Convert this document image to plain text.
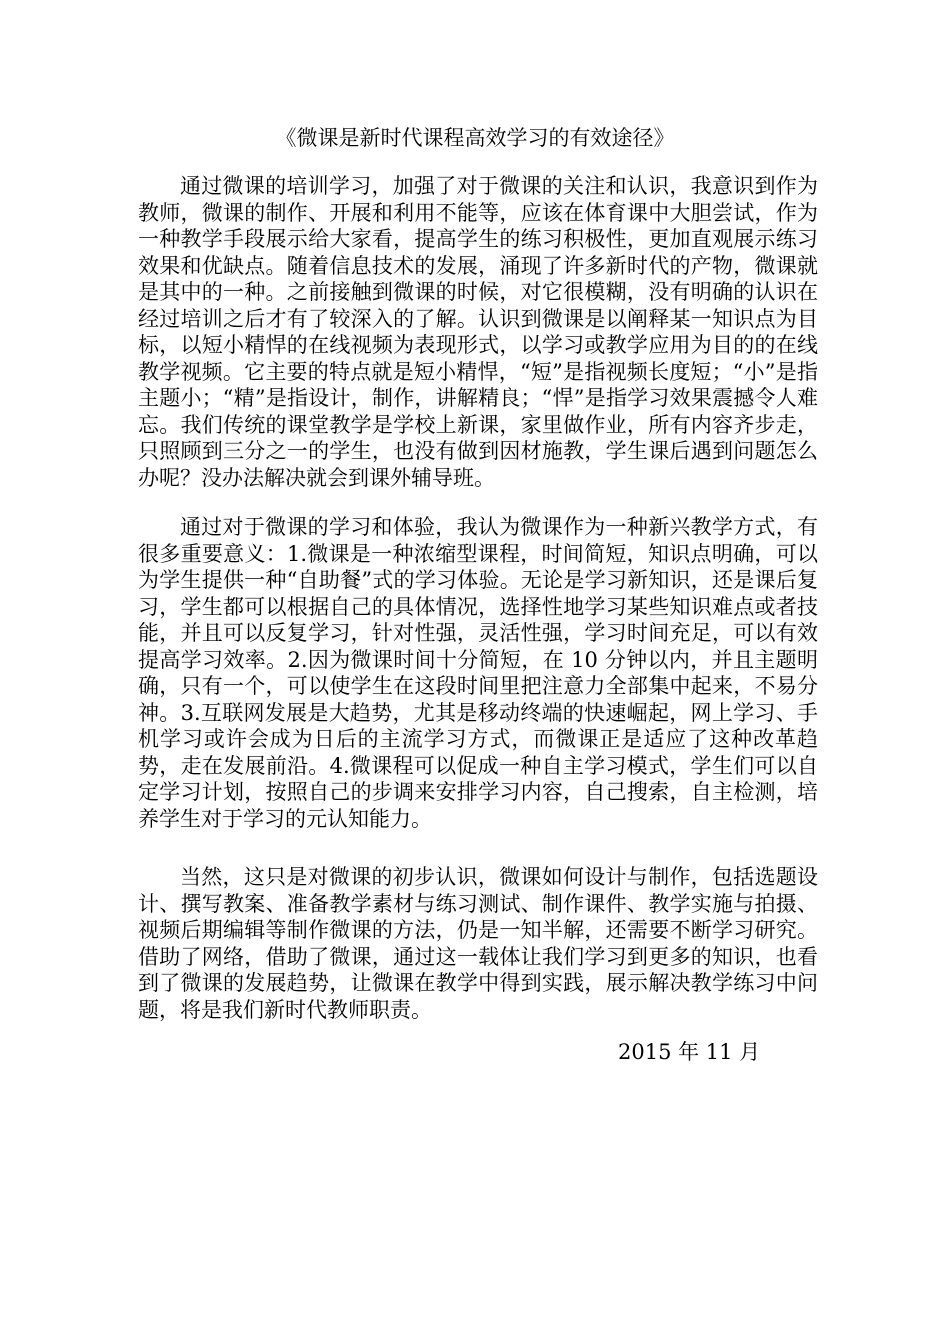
《微课是新时代课程高效学习的有效途径》

通过微课的培训学习，加强了对于微课的关注和认识，我意识到作为教师，微课的制作、开展和利用不能等，应该在体育课中大胆尝试，作为一种教学手段展示给大家看，提高学生的练习积极性，更加直观展示练习效果和优缺点。随着信息技术的发展，涌现了许多新时代的产物，微课就是其中的一种。之前接触到微课的时候，对它很模糊，没有明确的认识在经过培训之后才有了较深入的了解。认识到微课是以阐释某一知识点为目标，以短小精悍的在线视频为表现形式，以学习或教学应用为目的的在线教学视频。它主要的特点就是短小精悍，“短”是指视频长度短；“小”是指主题小；“精”是指设计，制作，讲解精良；“悍”是指学习效果震撼令人难忘。我们传统的课堂教学是学校上新课，家里做作业，所有内容齐步走，只照顾到三分之一的学生，也没有做到因材施教，学生课后遇到问题怎么办呢？没办法解决就会到课外辅导班。

通过对于微课的学习和体验，我认为微课作为一种新兴教学方式，有很多重要意义：1.微课是一种浓缩型课程，时间简短，知识点明确，可以为学生提供一种“自助餐”式的学习体验。无论是学习新知识，还是课后复习，学生都可以根据自己的具体情况，选择性地学习某些知识难点或者技能，并且可以反复学习，针对性强，灵活性强，学习时间充足，可以有效提高学习效率。2.因为微课时间十分简短，在 10 分钟以内，并且主题明确，只有一个，可以使学生在这段时间里把注意力全部集中起来，不易分神。3.互联网发展是大趋势，尤其是移动终端的快速崛起，网上学习、手机学习或许会成为日后的主流学习方式，而微课正是适应了这种改革趋势，走在发展前沿。4.微课程可以促成一种自主学习模式，学生们可以自定学习计划，按照自己的步调来安排学习内容，自己搜索，自主检测，培养学生对于学习的元认知能力。

当然，这只是对微课的初步认识，微课如何设计与制作，包括选题设计、撰写教案、准备教学素材与练习测试、制作课件、教学实施与拍摄、视频后期编辑等制作微课的方法，仍是一知半解，还需要不断学习研究。借助了网络，借助了微课，通过这一载体让我们学习到更多的知识，也看到了微课的发展趋势，让微课在教学中得到实践，展示解决教学练习中问题，将是我们新时代教师职责。

2015 年 11 月
